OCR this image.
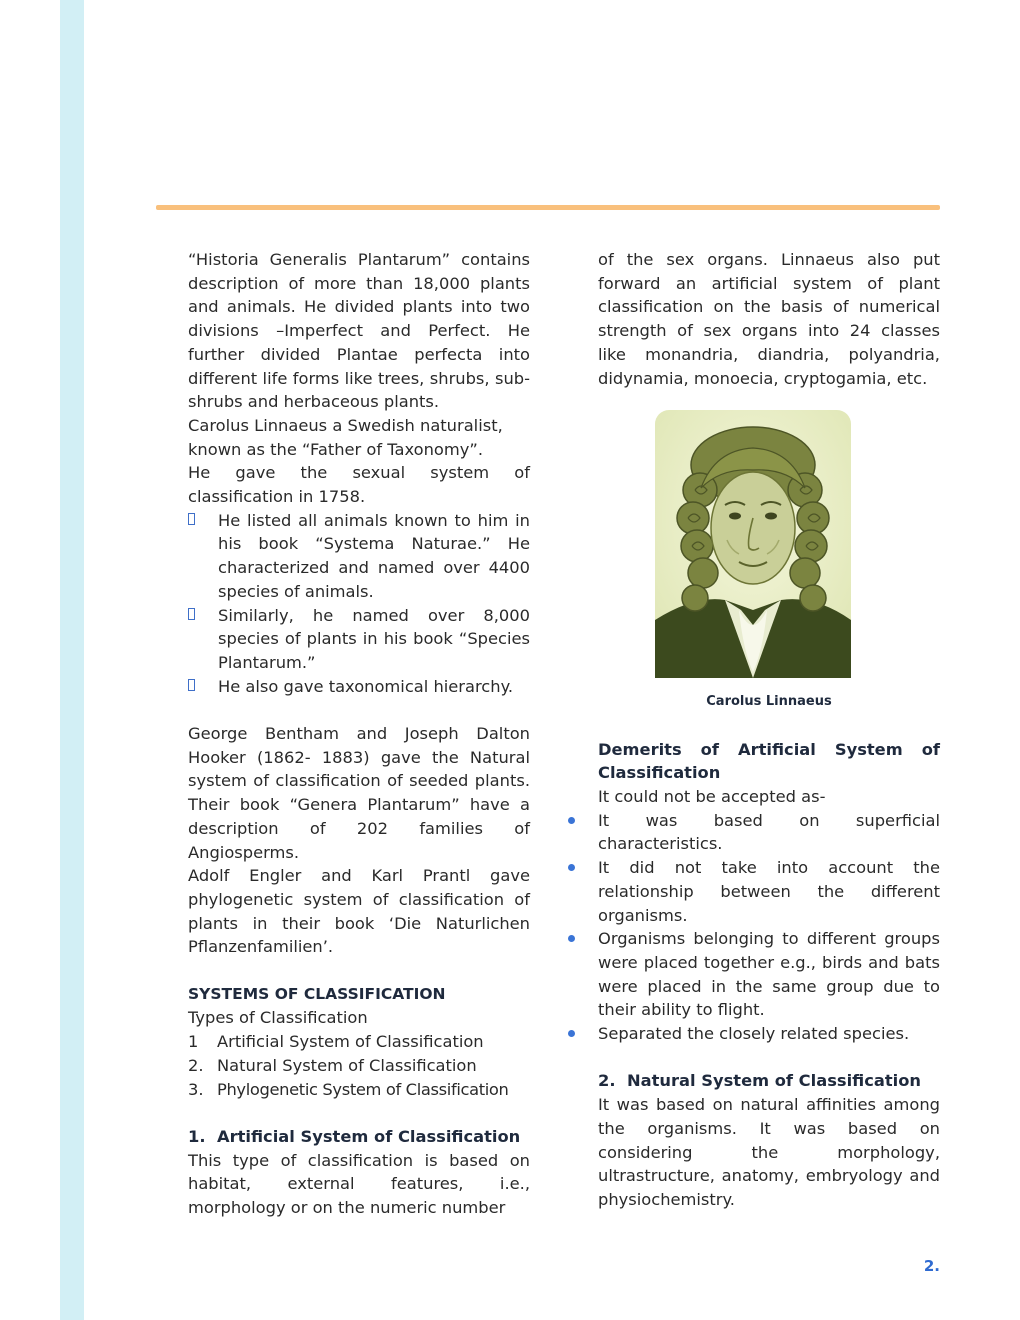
“Historia Generalis Plantarum” contains description of more than 18,000 plants and animals. He divided plants into two divisions –Imperfect and Perfect. He further divided Plantae perfecta into different life forms like trees, shrubs, sub-shrubs and herbaceous plants.

Carolus Linnaeus a Swedish naturalist, known as the “Father of Taxonomy”.

He gave the sexual system of classification in 1758.

He listed all animals known to him in his book “Systema Naturae.” He characterized and named over 4400 species of animals.
Similarly, he named over 8,000 species of plants in his book “Species Plantarum.”
He also gave taxonomical hierarchy.

George Bentham and Joseph Dalton Hooker (1862- 1883) gave the Natural system of classification of seeded plants. Their book “Genera Plantarum” have a description of 202 families of Angiosperms.

Adolf Engler and Karl Prantl gave phylogenetic system of classification of plants in their book ‘Die Naturlichen Pflanzenfamilien’.

SYSTEMS OF CLASSIFICATION
Types of Classification
1 Artificial System of Classification
2. Natural System of Classification
3. Phylogenetic System of Classification
1. Artificial System of Classification

This type of classification is based on habitat, external features, i.e., morphology or on the numeric number

of the sex organs. Linnaeus also put forward an artificial system of plant classification on the basis of numerical strength of sex organs into 24 classes like monandria, diandria, polyandria, didynamia, monoecia, cryptogamia, etc.

Carolus Linnaeus

Demerits of Artificial System of Classification

It could not be accepted as-
It was based on superficial characteristics.
It did not take into account the relationship between the different organisms.
Organisms belonging to different groups were placed together e.g., birds and bats were placed in the same group due to their ability to flight.
Separated the closely related species.
2. Natural System of Classification

It was based on natural affinities among the organisms. It was based on considering the morphology, ultrastructure, anatomy, embryology and physiochemistry.

2.
